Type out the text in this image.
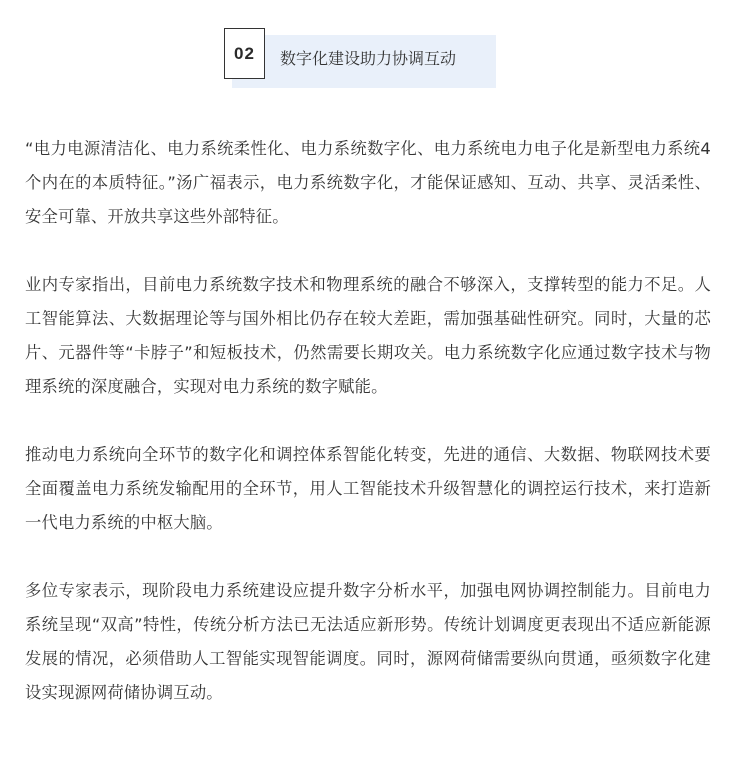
02 数字化建设助力协调互动

“电力电源清洁化、电力系统柔性化、电力系统数字化、电力系统电力电子化是新型电力系统4个内在的本质特征。”汤广福表示，电力系统数字化，才能保证感知、互动、共享、灵活柔性、安全可靠、开放共享这些外部特征。

业内专家指出，目前电力系统数字技术和物理系统的融合不够深入，支撑转型的能力不足。人工智能算法、大数据理论等与国外相比仍存在较大差距，需加强基础性研究。同时，大量的芯片、元器件等“卡脖子”和短板技术，仍然需要长期攻关。电力系统数字化应通过数字技术与物理系统的深度融合，实现对电力系统的数字赋能。

推动电力系统向全环节的数字化和调控体系智能化转变，先进的通信、大数据、物联网技术要全面覆盖电力系统发输配用的全环节，用人工智能技术升级智慧化的调控运行技术，来打造新一代电力系统的中枢大脑。

多位专家表示，现阶段电力系统建设应提升数字分析水平，加强电网协调控制能力。目前电力系统呈现“双高”特性，传统分析方法已无法适应新形势。传统计划调度更表现出不适应新能源发展的情况，必须借助人工智能实现智能调度。同时，源网荷储需要纵向贯通，亟须数字化建设实现源网荷储协调互动。
